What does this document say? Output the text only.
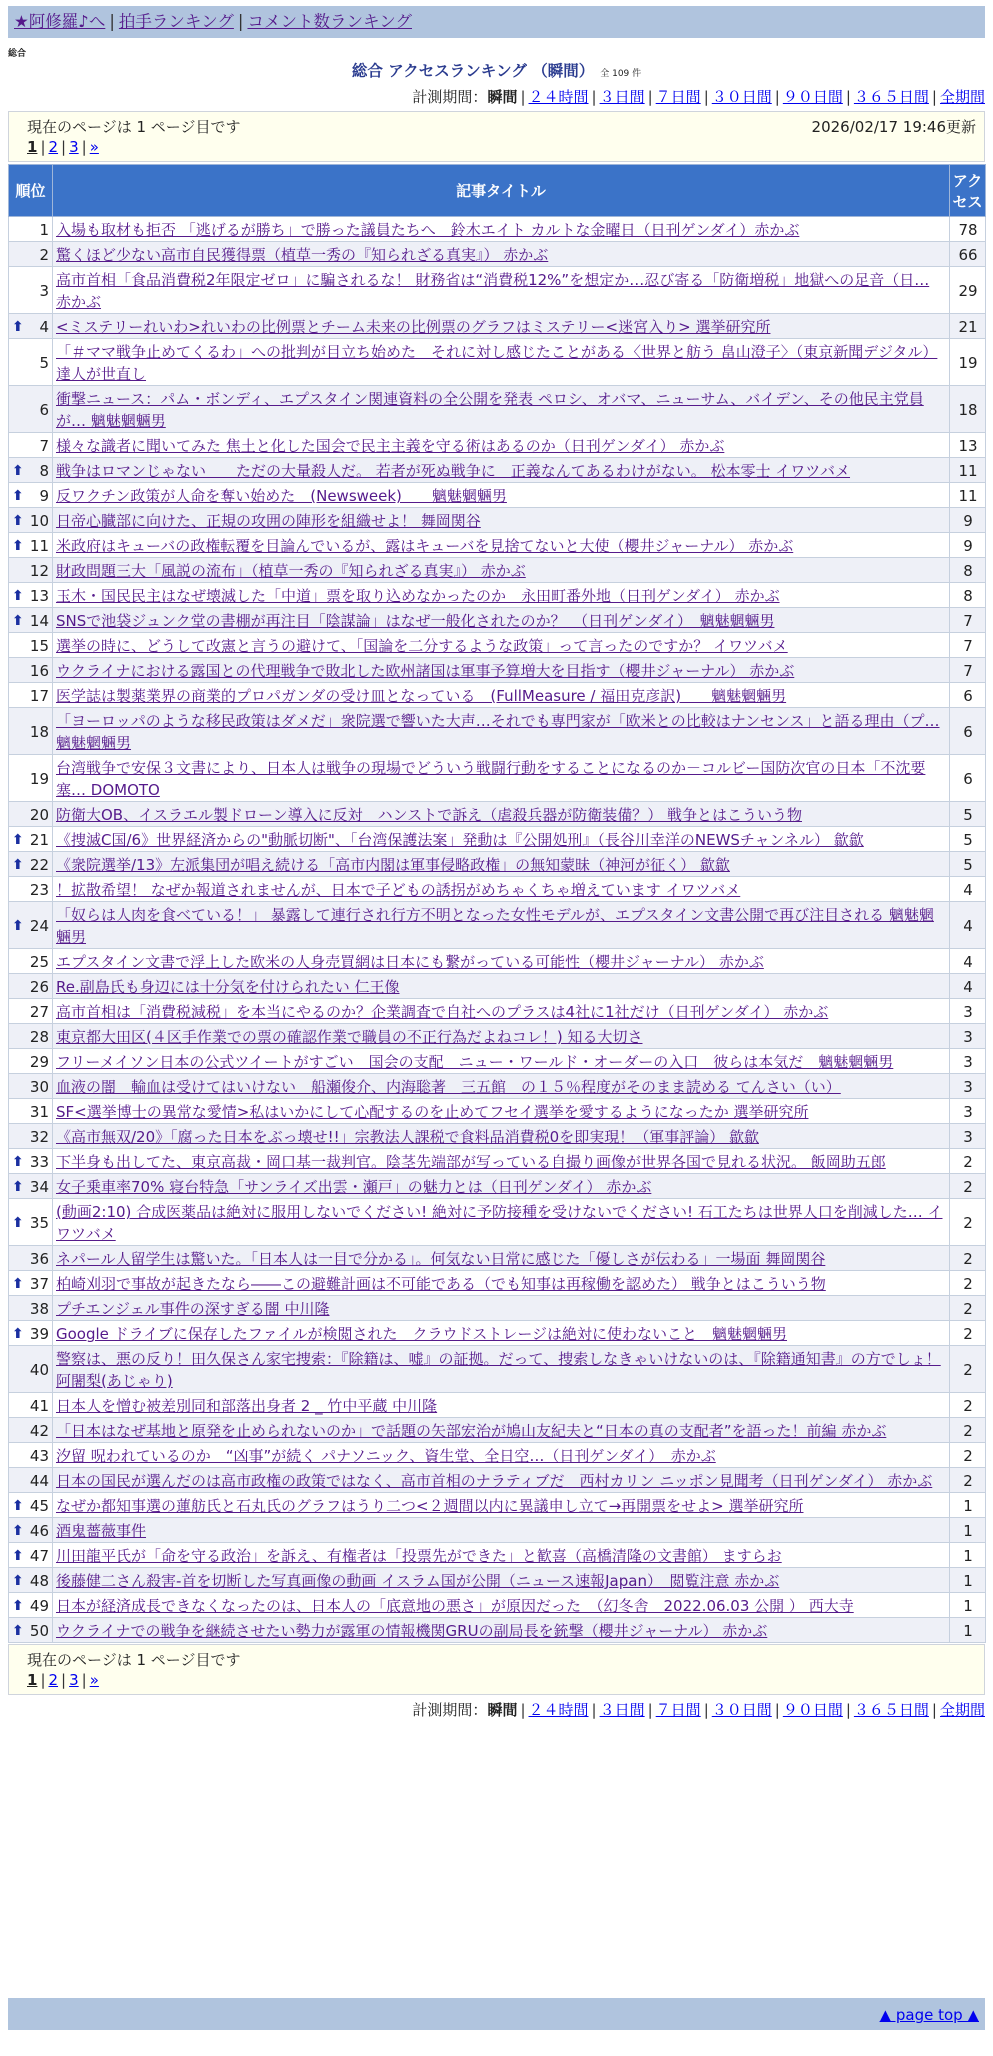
★阿修羅♪へ | 拍手ランキング | コメント数ランキング
総合
総合 アクセスランキング （瞬間） 全 109 件
計測期間：瞬間 | ２４時間 | ３日間 | ７日間 | ３０日間 | ９０日間 | ３６５日間 | 全期間
現在のページは 1 ページ目です	2026/02/17 19:46更新
1 | 2 | 3 | »
順位	記事タイトル	アクセス
1	入場も取材も拒否 「逃げるが勝ち」で勝った議員たちへ　鈴木エイト カルトな金曜日（日刊ゲンダイ）赤かぶ	78
2	驚くほど少ない高市自民獲得票（植草一秀の『知られざる真実』） 赤かぶ	66
3	高市首相「食品消費税2年限定ゼロ」に騙されるな！ 財務省は“消費税12%”を想定か…忍び寄る「防衛増税」地獄への足音（日… 赤かぶ	29

⬆ 4	<ミステリーれいわ>れいわの比例票とチーム未来の比例票のグラフはミステリー<迷宮入り> 選挙研究所	21
5	「＃ママ戦争止めてくるわ」への批判が目立ち始めた　それに対し感じたことがある〈世界と舫う 畠山澄子〉（東京新聞デジタル） 達人が世直し	19
6	衝撃ニュース：パム・ボンディ、エプスタイン関連資料の全公開を発表 ペロシ、オバマ、ニューサム、バイデン、その他民主党員が… 魑魅魍魎男	18
7	様々な識者に聞いてみた 焦土と化した国会で民主主義を守る術はあるのか（日刊ゲンダイ） 赤かぶ	13

⬆ 8	戦争はロマンじゃない　　ただの大量殺人だ。 若者が死ぬ戦争に　正義なんてあるわけがない。 松本零士 イワツバメ	11

⬆ 9	反ワクチン政策が人命を奪い始めた　(Newsweek)　　魑魅魍魎男	11

⬆ 10	日帝心臓部に向けた、正規の攻囲の陣形を組織せよ！ 舞岡関谷	9

⬆ 11	米政府はキューバの政権転覆を目論んでいるが、露はキューバを見捨てないと大使（櫻井ジャーナル） 赤かぶ	9
12	財政問題三大「風説の流布」（植草一秀の『知られざる真実』） 赤かぶ	8

⬆ 13	玉木・国民民主はなぜ壊滅した「中道」票を取り込めなかったのか　永田町番外地（日刊ゲンダイ） 赤かぶ	8

⬆ 14	SNSで池袋ジュンク堂の書棚が再注目「陰謀論」はなぜ一般化されたのか？　（日刊ゲンダイ）　魑魅魍魎男	7
15	選挙の時に、どうして改憲と言うの避けて、「国論を二分するような政策」って言ったのですか？ イワツバメ	7
16	ウクライナにおける露国との代理戦争で敗北した欧州諸国は軍事予算増大を目指す（櫻井ジャーナル） 赤かぶ	7
17	医学誌は製薬業界の商業的プロパガンダの受け皿となっている　(FullMeasure / 福田克彦訳)　　魑魅魍魎男	6
18	「ヨーロッパのような移民政策はダメだ」衆院選で響いた大声…それでも専門家が「欧米との比較はナンセンス」と語る理由（プ… 魑魅魍魎男	6
19	台湾戦争で安保３文書により、日本人は戦争の現場でどういう戦闘行動をすることになるのか－コルビー国防次官の日本「不沈要塞… DOMOTO	6
20	防衛大OB、イスラエル製ドローン導入に反対　ハンストで訴え（虐殺兵器が防衛装備？） 戦争とはこういう物	5

⬆ 21	《捜滅C国/6》世界経済からの"動脈切断"、「台湾保護法案」発動は『公開処刑』（長谷川幸洋のNEWSチャンネル） 歙歙	5

⬆ 22	《衆院選挙/13》左派集団が唱え続ける「高市内閣は軍事侵略政権」の無知蒙昧（神河が征く） 歙歙	5
23	！拡散希望！ なぜか報道されませんが、日本で子どもの誘拐がめちゃくちゃ増えています イワツバメ	4

⬆ 24	「奴らは人肉を食べている！」 暴露して連行され行方不明となった女性モデルが、エプスタイン文書公開で再び注目される 魑魅魍魎男	4
25	エプスタイン文書で浮上した欧米の人身売買網は日本にも繋がっている可能性（櫻井ジャーナル） 赤かぶ	4
26	Re.副島氏も身辺には十分気を付けられたい 仁王像	4
27	高市首相は「消費税減税」を本当にやるのか？企業調査で自社へのプラスは4社に1社だけ（日刊ゲンダイ） 赤かぶ	3
28	東京都大田区(４区手作業での票の確認作業で職員の不正行為だよねコレ！) 知る大切さ	3
29	フリーメイソン日本の公式ツイートがすごい　国会の支配　ニュー・ワールド・オーダーの入口　彼らは本気だ　魑魅魍魎男	3
30	血液の闇　輸血は受けてはいけない　船瀬俊介、内海聡著　三五館　の１５％程度がそのまま読める てんさい（い）	3
31	SF<選挙博士の異常な愛情>私はいかにして心配するのを止めてフセイ選挙を愛するようになったか 選挙研究所	3
32	《高市無双/20》「腐った日本をぶっ壊せ!!」宗教法人課税で食料品消費税0を即実現！（軍事評論） 歙歙	3

⬆ 33	下半身も出してた、東京高裁・岡口基一裁判官。陰茎先端部が写っている自撮り画像が世界各国で見れる状況。 飯岡助五郎	2

⬆ 34	女子乗車率70% 寝台特急「サンライズ出雲・瀬戸」の魅力とは（日刊ゲンダイ） 赤かぶ	2

⬆ 35	(動画2:10) 合成医薬品は絶対に服用しないでください! 絶対に予防接種を受けないでください! 石工たちは世界人口を削減した… イワツバメ	2
36	ネパール人留学生は驚いた。「日本人は一目で分かる」。何気ない日常に感じた「優しさが伝わる」一場面 舞岡関谷	2

⬆ 37	柏崎刈羽で事故が起きたなら――この避難計画は不可能である（でも知事は再稼働を認めた） 戦争とはこういう物	2
38	プチエンジェル事件の深すぎる闇 中川隆	2

⬆ 39	Google ドライブに保存したファイルが検閲された　クラウドストレージは絶対に使わないこと　魑魅魍魎男	2
40	警察は、悪の反り！田久保さん家宅捜索：『除籍は、嘘』の証拠。だって、捜索しなきゃいけないのは、『除籍通知書』の方でしょ！ 阿闍梨(あじゃり)	2
41	日本人を憎む被差別同和部落出身者 2 _ 竹中平蔵 中川隆	2
42	「日本はなぜ基地と原発を止められないのか」で話題の矢部宏治が鳩山友紀夫と“日本の真の支配者”を語った！前編 赤かぶ	2
43	汐留 呪われているのか　“凶事”が続く パナソニック、資生堂、全日空…（日刊ゲンダイ）　赤かぶ	2
44	日本の国民が選んだのは高市政権の政策ではなく、高市首相のナラティブだ　西村カリン ニッポン見聞考（日刊ゲンダイ） 赤かぶ	2

⬆ 45	なぜか都知事選の蓮舫氏と石丸氏のグラフはうり二つ<２週間以内に異議申し立て→再開票をせよ> 選挙研究所	1

⬆ 46	酒鬼薔薇事件	1

⬆ 47	川田龍平氏が「命を守る政治」を訴え、有権者は「投票先ができた」と歓喜（高橋清隆の文書館） ますらお	1

⬆ 48	後藤健二さん殺害-首を切断した写真画像の動画 イスラム国が公開（ニュース速報Japan）　閲覧注意 赤かぶ	1

⬆ 49	日本が経済成長できなくなったのは、日本人の「底意地の悪さ」が原因だった　（幻冬舎　2022.06.03 公開 ） 西大寺	1

⬆ 50	ウクライナでの戦争を継続させたい勢力が露軍の情報機関GRUの副局長を銃撃（櫻井ジャーナル） 赤かぶ	1
現在のページは 1 ページ目です
1 | 2 | 3 | »
計測期間：瞬間 | ２４時間 | ３日間 | ７日間 | ３０日間 | ９０日間 | ３６５日間 | 全期間
▲ page top ▲
